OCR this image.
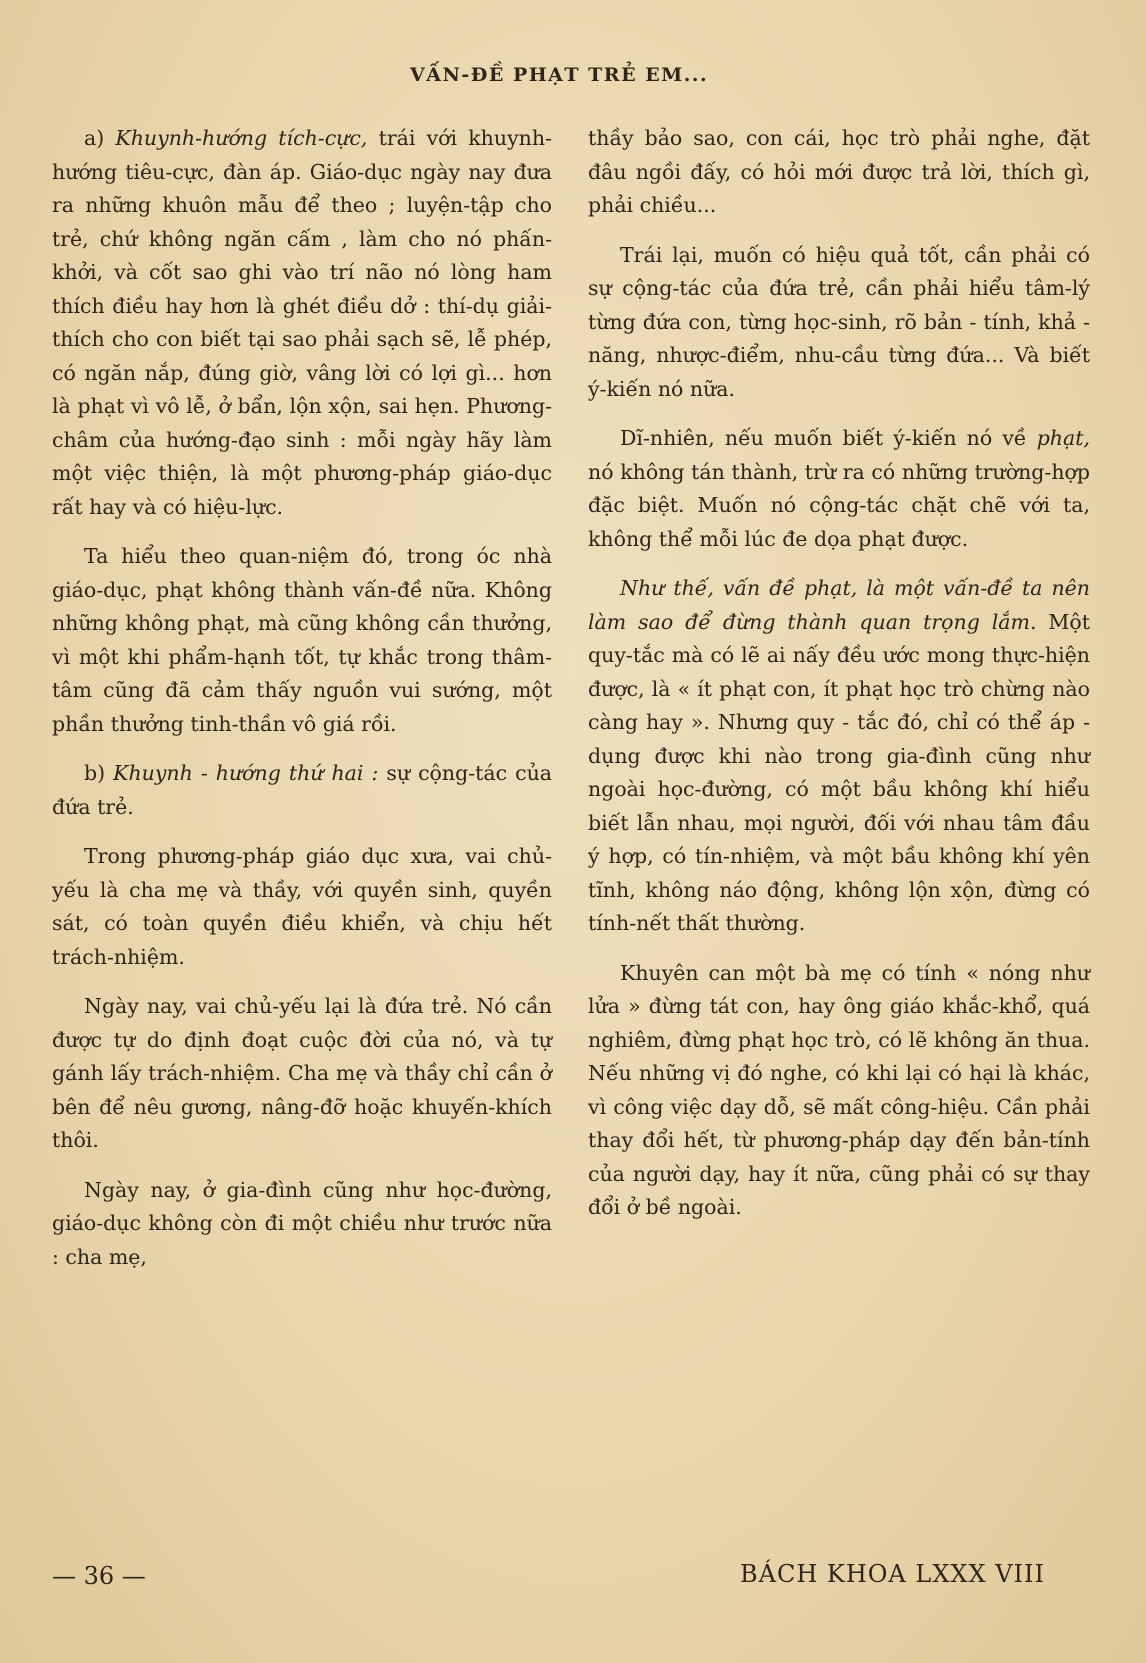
VẤN-ĐỀ PHẠT TRẺ EM...

a) Khuynh-hướng tích-cực, trái với khuynh-hướng tiêu-cực, đàn áp. Giáo-dục ngày nay đưa ra những khuôn mẫu để theo ; luyện-tập cho trẻ, chứ không ngăn cấm , làm cho nó phấn-khởi, và cốt sao ghi vào trí não nó lòng ham thích điều hay hơn là ghét điều dở : thí-dụ giải-thích cho con biết tại sao phải sạch sẽ, lễ phép, có ngăn nắp, đúng giờ, vâng lời có lợi gì... hơn là phạt vì vô lễ, ở bẩn, lộn xộn, sai hẹn. Phương-châm của hướng-đạo sinh : mỗi ngày hãy làm một việc thiện, là một phương-pháp giáo-dục rất hay và có hiệu-lực.

Ta hiểu theo quan-niệm đó, trong óc nhà giáo-dục, phạt không thành vấn-đề nữa. Không những không phạt, mà cũng không cần thưởng, vì một khi phẩm-hạnh tốt, tự khắc trong thâm-tâm cũng đã cảm thấy nguồn vui sướng, một phần thưởng tinh-thần vô giá rồi.

b) Khuynh - hướng thứ hai : sự cộng-tác của đứa trẻ.

Trong phương-pháp giáo dục xưa, vai chủ-yếu là cha mẹ và thầy, với quyền sinh, quyền sát, có toàn quyền điều khiển, và chịu hết trách-nhiệm.

Ngày nay, vai chủ-yếu lại là đứa trẻ. Nó cần được tự do định đoạt cuộc đời của nó, và tự gánh lấy trách-nhiệm. Cha mẹ và thầy chỉ cần ở bên để nêu gương, nâng-đỡ hoặc khuyến-khích thôi.

Ngày nay, ở gia-đình cũng như học-đường, giáo-dục không còn đi một chiều như trước nữa : cha mẹ,

thầy bảo sao, con cái, học trò phải nghe, đặt đâu ngồi đấy, có hỏi mới được trả lời, thích gì, phải chiều...

Trái lại, muốn có hiệu quả tốt, cần phải có sự cộng-tác của đứa trẻ, cần phải hiểu tâm-lý từng đứa con, từng học-sinh, rõ bản - tính, khả - năng, nhược-điểm, nhu-cầu từng đứa... Và biết ý-kiến nó nữa.

Dĩ-nhiên, nếu muốn biết ý-kiến nó về phạt, nó không tán thành, trừ ra có những trường-hợp đặc biệt. Muốn nó cộng-tác chặt chẽ với ta, không thể mỗi lúc đe dọa phạt được.

Như thế, vấn đề phạt, là một vấn-đề ta nên làm sao để đừng thành quan trọng lắm. Một quy-tắc mà có lẽ ai nấy đều ước mong thực-hiện được, là « ít phạt con, ít phạt học trò chừng nào càng hay ». Nhưng quy - tắc đó, chỉ có thể áp - dụng được khi nào trong gia-đình cũng như ngoài học-đường, có một bầu không khí hiểu biết lẫn nhau, mọi người, đối với nhau tâm đầu ý hợp, có tín-nhiệm, và một bầu không khí yên tĩnh, không náo động, không lộn xộn, đừng có tính-nết thất thường.

Khuyên can một bà mẹ có tính « nóng như lửa » đừng tát con, hay ông giáo khắc-khổ, quá nghiêm, đừng phạt học trò, có lẽ không ăn thua. Nếu những vị đó nghe, có khi lại có hại là khác, vì công việc dạy dỗ, sẽ mất công-hiệu. Cần phải thay đổi hết, từ phương-pháp dạy đến bản-tính của người dạy, hay ít nữa, cũng phải có sự thay đổi ở bề ngoài.

— 36 —	BÁCH KHOA LXXX VIII
